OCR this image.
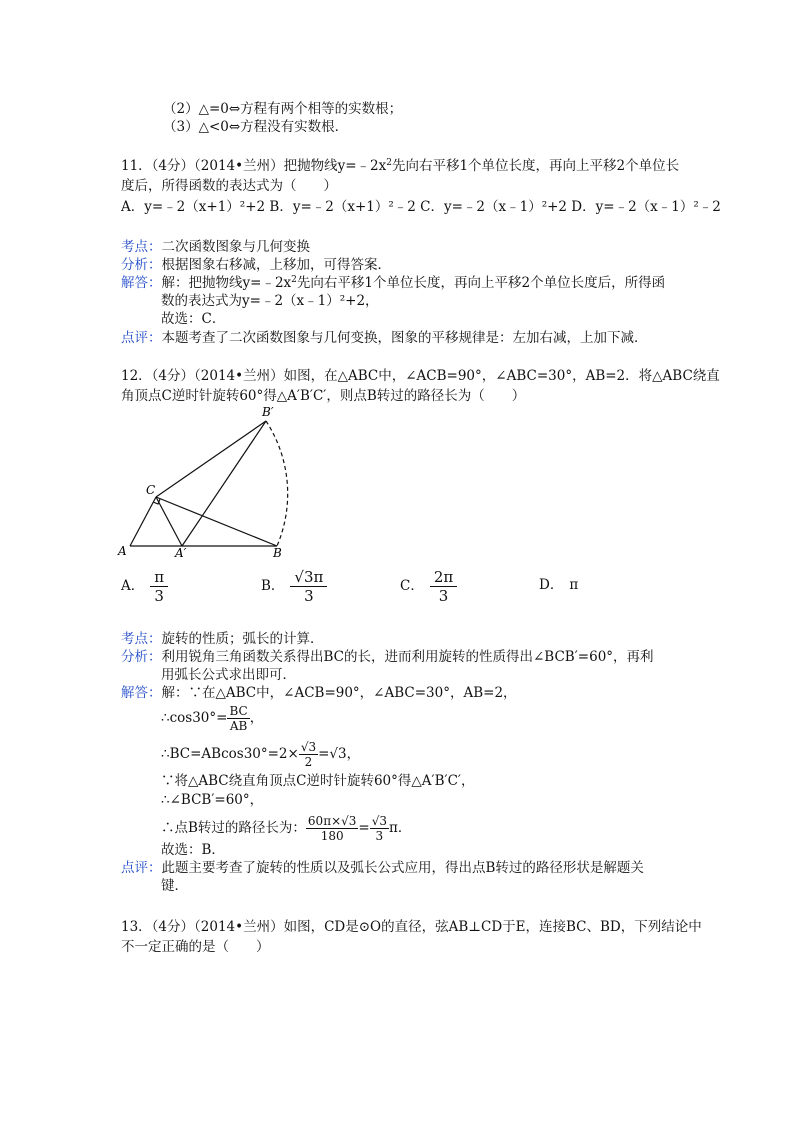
（2）△=0⇔方程有两个相等的实数根；
（3）△<0⇔方程没有实数根．
11．（4分）（2014•兰州）把抛物线$y=﹣2x^2$先向右平移1个单位长度，再向上平移2个单位长
度后，所得函数的表达式为（　　）
A．y=﹣2（x+1）²+2 B．y=﹣2（x+1）²﹣2 C．y=﹣2（x﹣1）²+2 D．y=﹣2（x﹣1）²﹣2
考点：二次函数图象与几何变换
分析：根据图象右移减，上移加，可得答案．
解答：解：把抛物线$y=﹣2x^2$先向右平移1个单位长度，再向上平移2个单位长度后，所得函
数的表达式为y=﹣2（x﹣1）²+2，
故选：C．
点评：本题考查了二次函数图象与几何变换，图象的平移规律是：左加右减，上加下减．
12．（4分）（2014•兰州）如图，在△ABC中，∠ACB=90°，∠ABC=30°，AB=2．将△ABC绕直
角顶点C逆时针旋转60°得△A′B′C′，则点B转过的路径长为（　　）
A	A′	B
B′
C
A． $\frac{\pi}{3}$	B． $\frac{√3\pi}{3}$	C． $\frac{2\pi}{3}$	D． π
考点：旋转的性质；弧长的计算．
分析：利用锐角三角函数关系得出BC的长，进而利用旋转的性质得出∠BCB′=60°，再利
用弧长公式求出即可．
解答：解：∵在△ABC中，∠ACB=90°，∠ABC=30°，AB=2，
∴cos30°= $\frac{BC}{AB}$ ，
∴BC=ABcos30°=2× $\frac{√3}{2} =√3$，
∵将△ABC绕直角顶点C逆时针旋转60°得△A′B′C′，
∴∠BCB′=60°，
∴点B转过的路径长为： $\frac{60\pi\times√3}{180} = \frac{√3}{3}$ π．
故选：B．
点评：此题主要考查了旋转的性质以及弧长公式应用，得出点B转过的路径形状是解题关
键．
13．（4分）（2014•兰州）如图，CD是⊙O的直径，弦AB⊥CD于E，连接BC、BD，下列结论中
不一定正确的是（　　）
